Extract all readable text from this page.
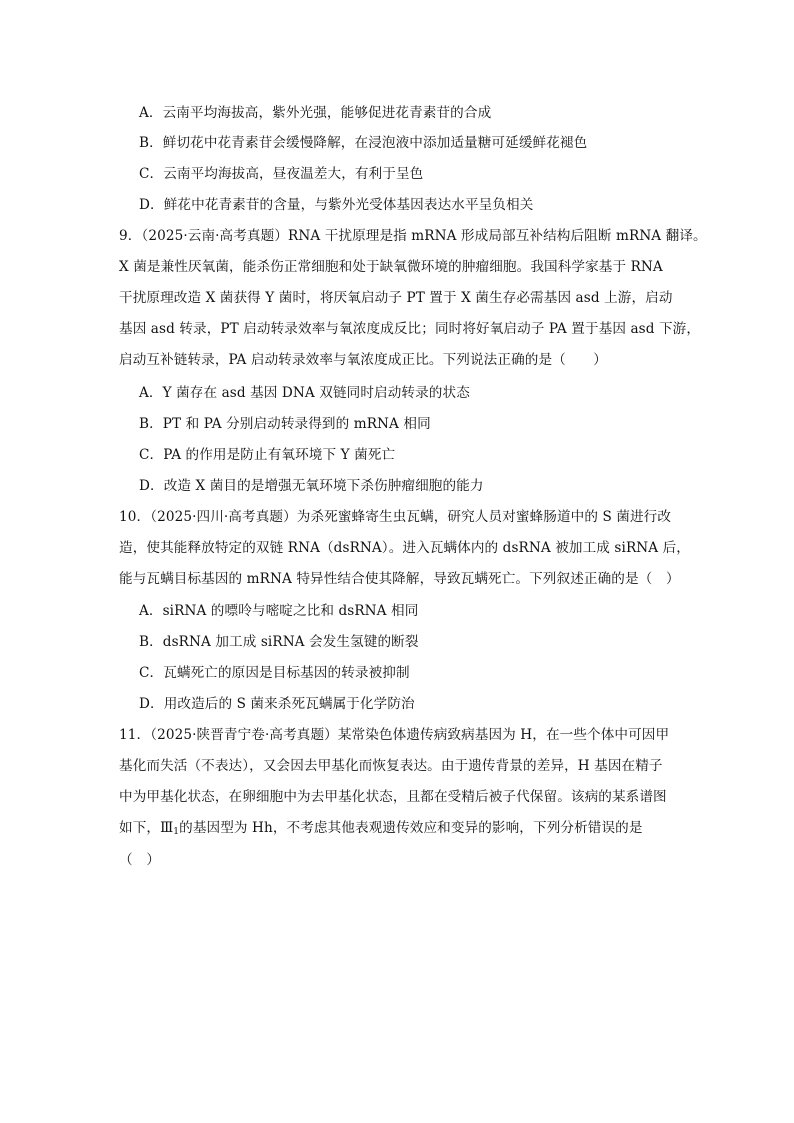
A．云南平均海拔高，紫外光强，能够促进花青素苷的合成
B．鲜切花中花青素苷会缓慢降解，在浸泡液中添加适量糖可延缓鲜花褪色
C．云南平均海拔高，昼夜温差大，有利于呈色
D．鲜花中花青素苷的含量，与紫外光受体基因表达水平呈负相关
9．（2025·云南·高考真题）RNA 干扰原理是指 mRNA 形成局部互补结构后阻断 mRNA 翻译。
X 菌是兼性厌氧菌，能杀伤正常细胞和处于缺氧微环境的肿瘤细胞。我国科学家基于 RNA
干扰原理改造 X 菌获得 Y 菌时，将厌氧启动子 PT 置于 X 菌生存必需基因 asd 上游，启动
基因 asd 转录，PT 启动转录效率与氧浓度成反比；同时将好氧启动子 PA 置于基因 asd 下游，
启动互补链转录，PA 启动转录效率与氧浓度成正比。下列说法正确的是（　　）
A．Y 菌存在 asd 基因 DNA 双链同时启动转录的状态
B．PT 和 PA 分别启动转录得到的 mRNA 相同
C．PA 的作用是防止有氧环境下 Y 菌死亡
D．改造 X 菌目的是增强无氧环境下杀伤肿瘤细胞的能力
10．（2025·四川·高考真题）为杀死蜜蜂寄生虫瓦螨，研究人员对蜜蜂肠道中的 S 菌进行改
造，使其能释放特定的双链 RNA（dsRNA）。进入瓦螨体内的 dsRNA 被加工成 siRNA 后，
能与瓦螨目标基因的 mRNA 特异性结合使其降解，导致瓦螨死亡。下列叙述正确的是（　）
A．siRNA 的嘌呤与嘧啶之比和 dsRNA 相同
B．dsRNA 加工成 siRNA 会发生氢键的断裂
C．瓦螨死亡的原因是目标基因的转录被抑制
D．用改造后的 S 菌来杀死瓦螨属于化学防治
11．（2025·陕晋青宁卷·高考真题）某常染色体遗传病致病基因为 H，在一些个体中可因甲
基化而失活（不表达），又会因去甲基化而恢复表达。由于遗传背景的差异，H 基因在精子
中为甲基化状态，在卵细胞中为去甲基化状态，且都在受精后被子代保留。该病的某系谱图
如下，$Ⅲ_1$的基因型为 Hh，不考虑其他表观遗传效应和变异的影响，下列分析错误的是
（　）
